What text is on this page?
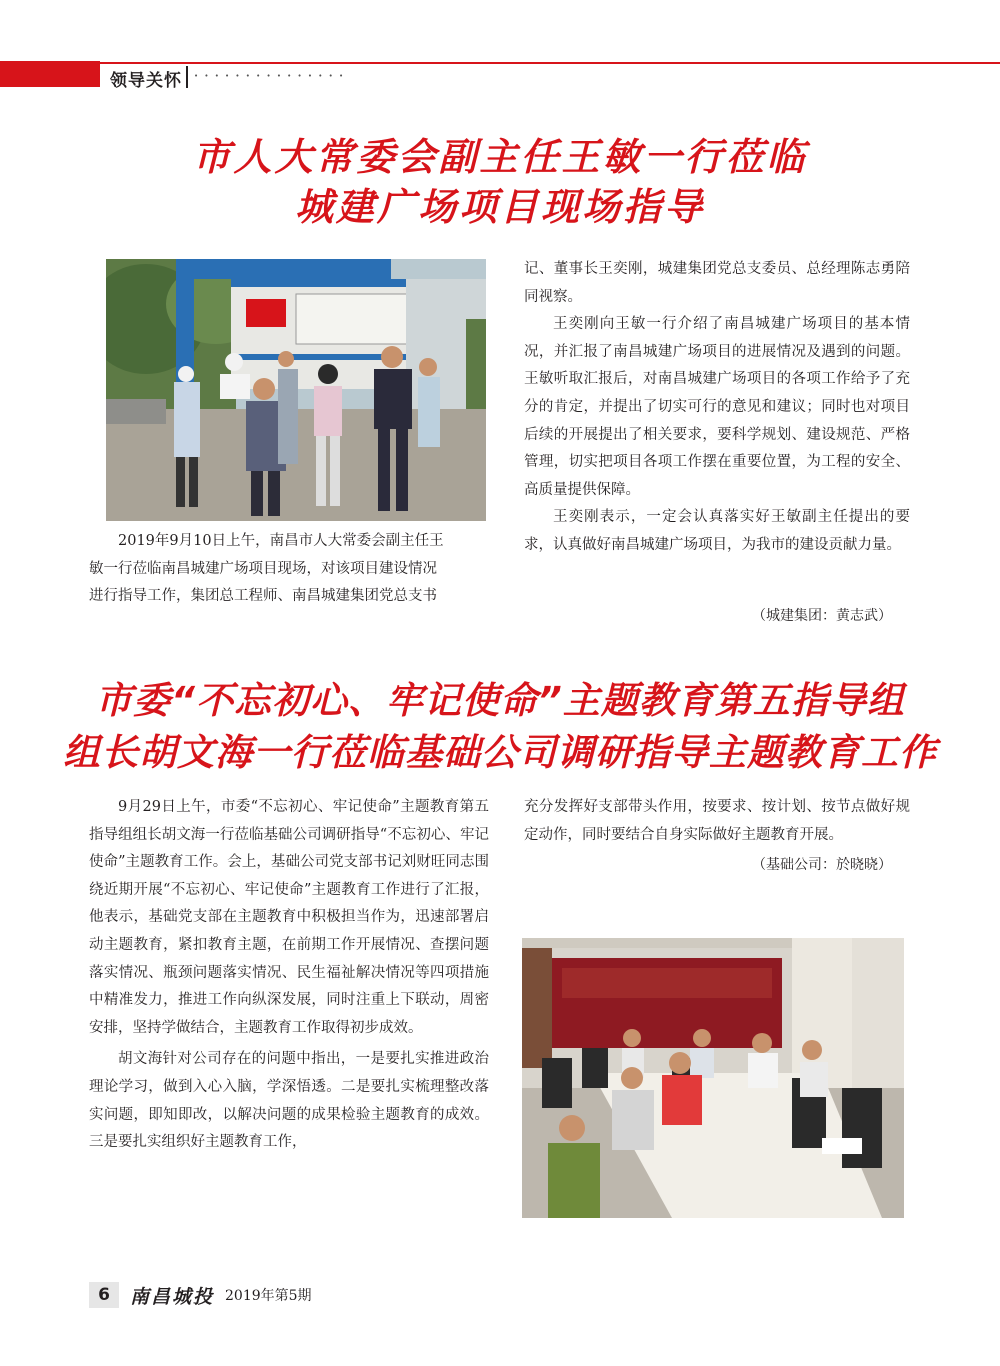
领导关怀 • • • • • • • • • • • • • • •
市人大常委会副主任王敏一行莅临
城建广场项目现场指导

2019年9月10日上午，南昌市人大常委会副主任王

敏一行莅临南昌城建广场项目现场，对该项目建设情况

进行指导工作，集团总工程师、南昌城建集团党总支书

记、董事长王奕刚，城建集团党总支委员、总经理陈志勇陪同视察。

王奕刚向王敏一行介绍了南昌城建广场项目的基本情况，并汇报了南昌城建广场项目的进展情况及遇到的问题。王敏听取汇报后，对南昌城建广场项目的各项工作给予了充分的肯定，并提出了切实可行的意见和建议；同时也对项目后续的开展提出了相关要求，要科学规划、建设规范、严格管理，切实把项目各项工作摆在重要位置，为工程的安全、高质量提供保障。

王奕刚表示，一定会认真落实好王敏副主任提出的要求，认真做好南昌城建广场项目，为我市的建设贡献力量。

（城建集团：黄志武）
市委“不忘初心、牢记使命”主题教育第五指导组
组长胡文海一行莅临基础公司调研指导主题教育工作

9月29日上午，市委“不忘初心、牢记使命”主题教育第五指导组组长胡文海一行莅临基础公司调研指导“不忘初心、牢记使命”主题教育工作。会上，基础公司党支部书记刘财旺同志围绕近期开展“不忘初心、牢记使命”主题教育工作进行了汇报，他表示，基础党支部在主题教育中积极担当作为，迅速部署启动主题教育，紧扣教育主题，在前期工作开展情况、查摆问题落实情况、瓶颈问题落实情况、民生福祉解决情况等四项措施中精准发力，推进工作向纵深发展，同时注重上下联动，周密安排，坚持学做结合，主题教育工作取得初步成效。

胡文海针对公司存在的问题中指出，一是要扎实推进政治理论学习，做到入心入脑，学深悟透。二是要扎实梳理整改落实问题，即知即改，以解决问题的成果检验主题教育的成效。三是要扎实组织好主题教育工作，

充分发挥好支部带头作用，按要求、按计划、按节点做好规定动作，同时要结合自身实际做好主题教育开展。

（基础公司：於晓晓）
6	南昌城投 2019年第5期
